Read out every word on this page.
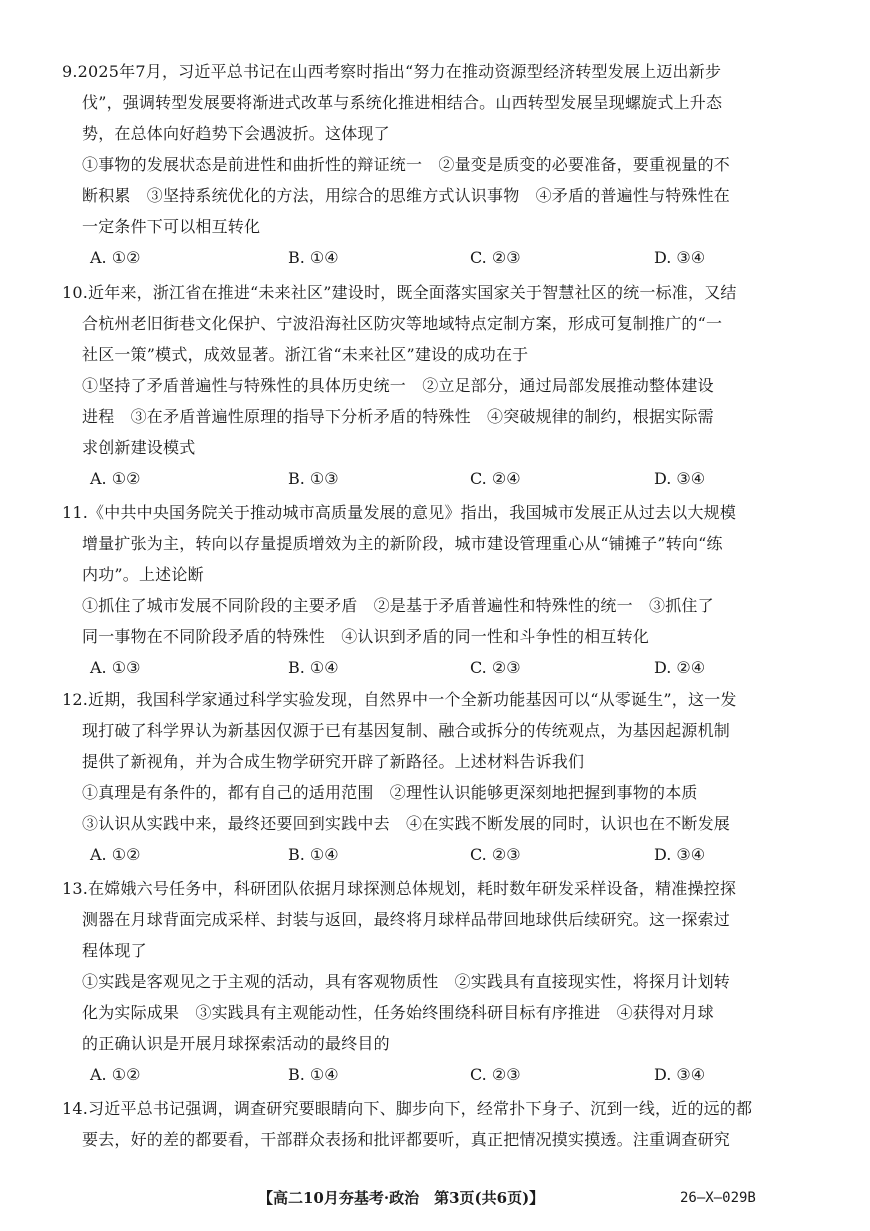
9.2025年7月，习近平总书记在山西考察时指出“努力在推动资源型经济转型发展上迈出新步
伐”，强调转型发展要将渐进式改革与系统化推进相结合。山西转型发展呈现螺旋式上升态
势，在总体向好趋势下会遇波折。这体现了
①事物的发展状态是前进性和曲折性的辩证统一　②量变是质变的必要准备，要重视量的不
断积累　③坚持系统优化的方法，用综合的思维方式认识事物　④矛盾的普遍性与特殊性在
一定条件下可以相互转化
A. ①②	B. ①④	C. ②③	D. ③④
10.近年来，浙江省在推进“未来社区”建设时，既全面落实国家关于智慧社区的统一标准，又结
合杭州老旧街巷文化保护、宁波沿海社区防灾等地域特点定制方案，形成可复制推广的“一
社区一策”模式，成效显著。浙江省“未来社区”建设的成功在于
①坚持了矛盾普遍性与特殊性的具体历史统一　②立足部分，通过局部发展推动整体建设
进程　③在矛盾普遍性原理的指导下分析矛盾的特殊性　④突破规律的制约，根据实际需
求创新建设模式
A. ①②	B. ①③	C. ②④	D. ③④
11.《中共中央国务院关于推动城市高质量发展的意见》指出，我国城市发展正从过去以大规模
增量扩张为主，转向以存量提质增效为主的新阶段，城市建设管理重心从“铺摊子”转向“练
内功”。上述论断
①抓住了城市发展不同阶段的主要矛盾　②是基于矛盾普遍性和特殊性的统一　③抓住了
同一事物在不同阶段矛盾的特殊性　④认识到矛盾的同一性和斗争性的相互转化
A. ①③	B. ①④	C. ②③	D. ②④
12.近期，我国科学家通过科学实验发现，自然界中一个全新功能基因可以“从零诞生”，这一发
现打破了科学界认为新基因仅源于已有基因复制、融合或拆分的传统观点，为基因起源机制
提供了新视角，并为合成生物学研究开辟了新路径。上述材料告诉我们
①真理是有条件的，都有自己的适用范围　②理性认识能够更深刻地把握到事物的本质
③认识从实践中来，最终还要回到实践中去　④在实践不断发展的同时，认识也在不断发展
A. ①②	B. ①④	C. ②③	D. ③④
13.在嫦娥六号任务中，科研团队依据月球探测总体规划，耗时数年研发采样设备，精准操控探
测器在月球背面完成采样、封装与返回，最终将月球样品带回地球供后续研究。这一探索过
程体现了
①实践是客观见之于主观的活动，具有客观物质性　②实践具有直接现实性，将探月计划转
化为实际成果　③实践具有主观能动性，任务始终围绕科研目标有序推进　④获得对月球
的正确认识是开展月球探索活动的最终目的
A. ①②	B. ①④	C. ②③	D. ③④
14.习近平总书记强调，调查研究要眼睛向下、脚步向下，经常扑下身子、沉到一线，近的远的都
要去，好的差的都要看，干部群众表扬和批评都要听，真正把情况摸实摸透。注重调查研究
【高二10月夯基考·政治　第3页(共6页)】	26—X—029B
